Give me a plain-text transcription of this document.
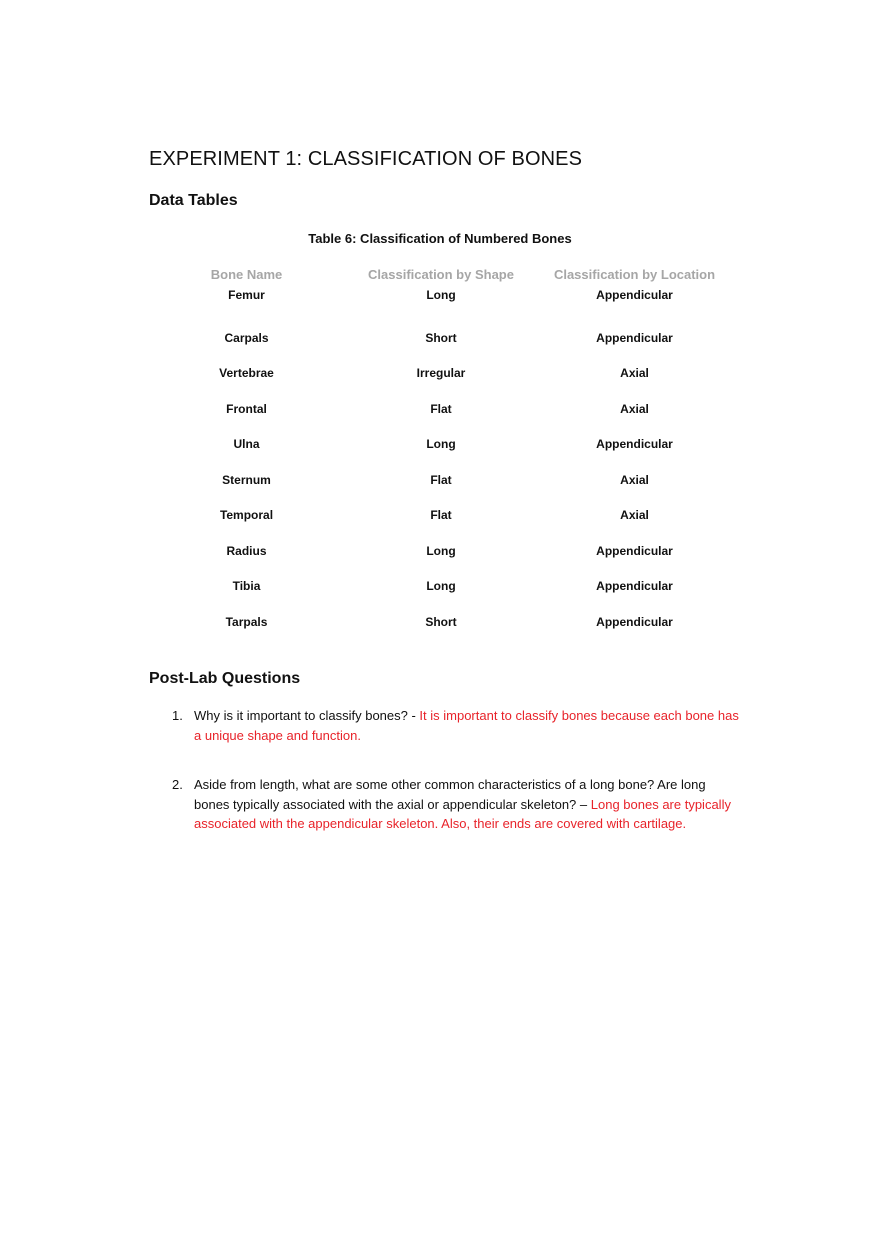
EXPERIMENT 1: CLASSIFICATION OF BONES
Data Tables
Table 6: Classification of Numbered Bones
Bone Name	Classification by Shape	Classification by Location
Femur	Long	Appendicular
Carpals	Short	Appendicular
Vertebrae	Irregular	Axial
Frontal	Flat	Axial
Ulna	Long	Appendicular
Sternum	Flat	Axial
Temporal	Flat	Axial
Radius	Long	Appendicular
Tibia	Long	Appendicular
Tarpals	Short	Appendicular
Post-Lab Questions
1. Why is it important to classify bones? - It is important to classify bones because each bone has a unique shape and function.
2. Aside from length, what are some other common characteristics of a long bone? Are long bones typically associated with the axial or appendicular skeleton? – Long bones are typically associated with the appendicular skeleton. Also, their ends are covered with cartilage.
